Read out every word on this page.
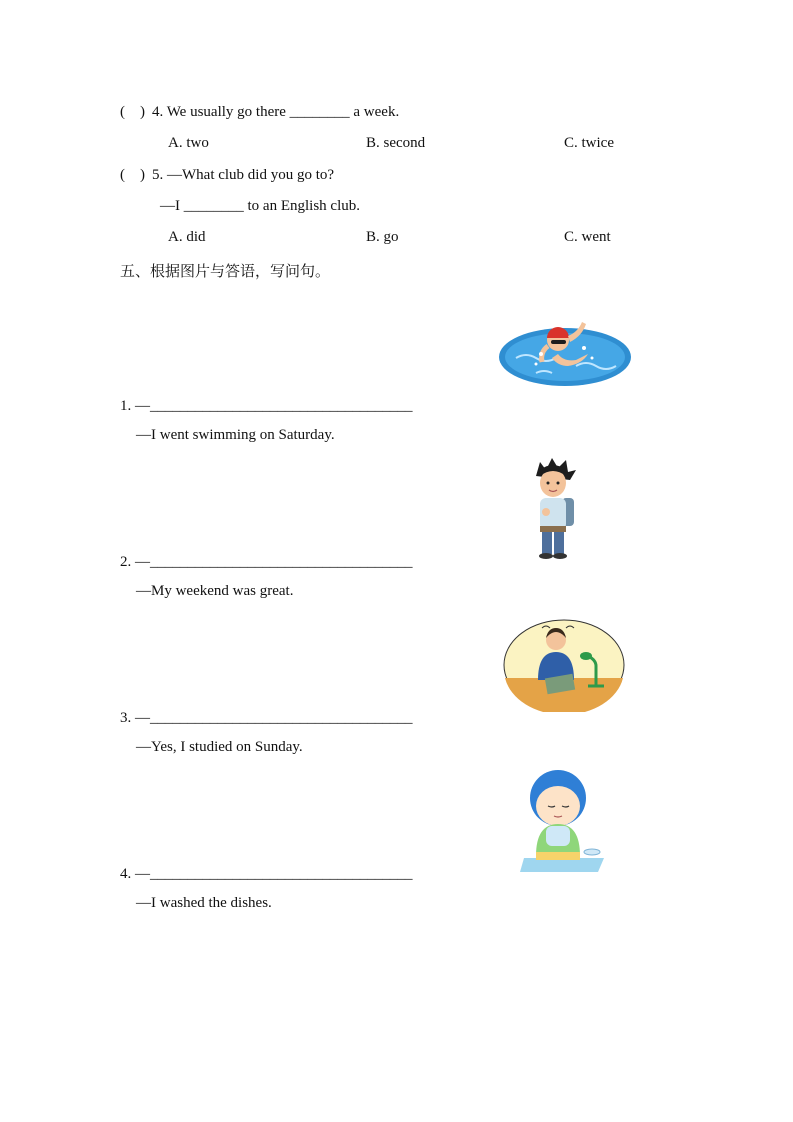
(    ) 4. We usually go there ________ a week.
A. two	B. second	C. twice
(    ) 5. —What club did you go to?
—I ________ to an English club.
A. did	B. go	C. went
五、根据图片与答语，写问句。
1. —___________________________________
—I went swimming on Saturday.
2. —___________________________________
—My weekend was great.
3. —___________________________________
—Yes, I studied on Sunday.
4. —___________________________________
—I washed the dishes.
